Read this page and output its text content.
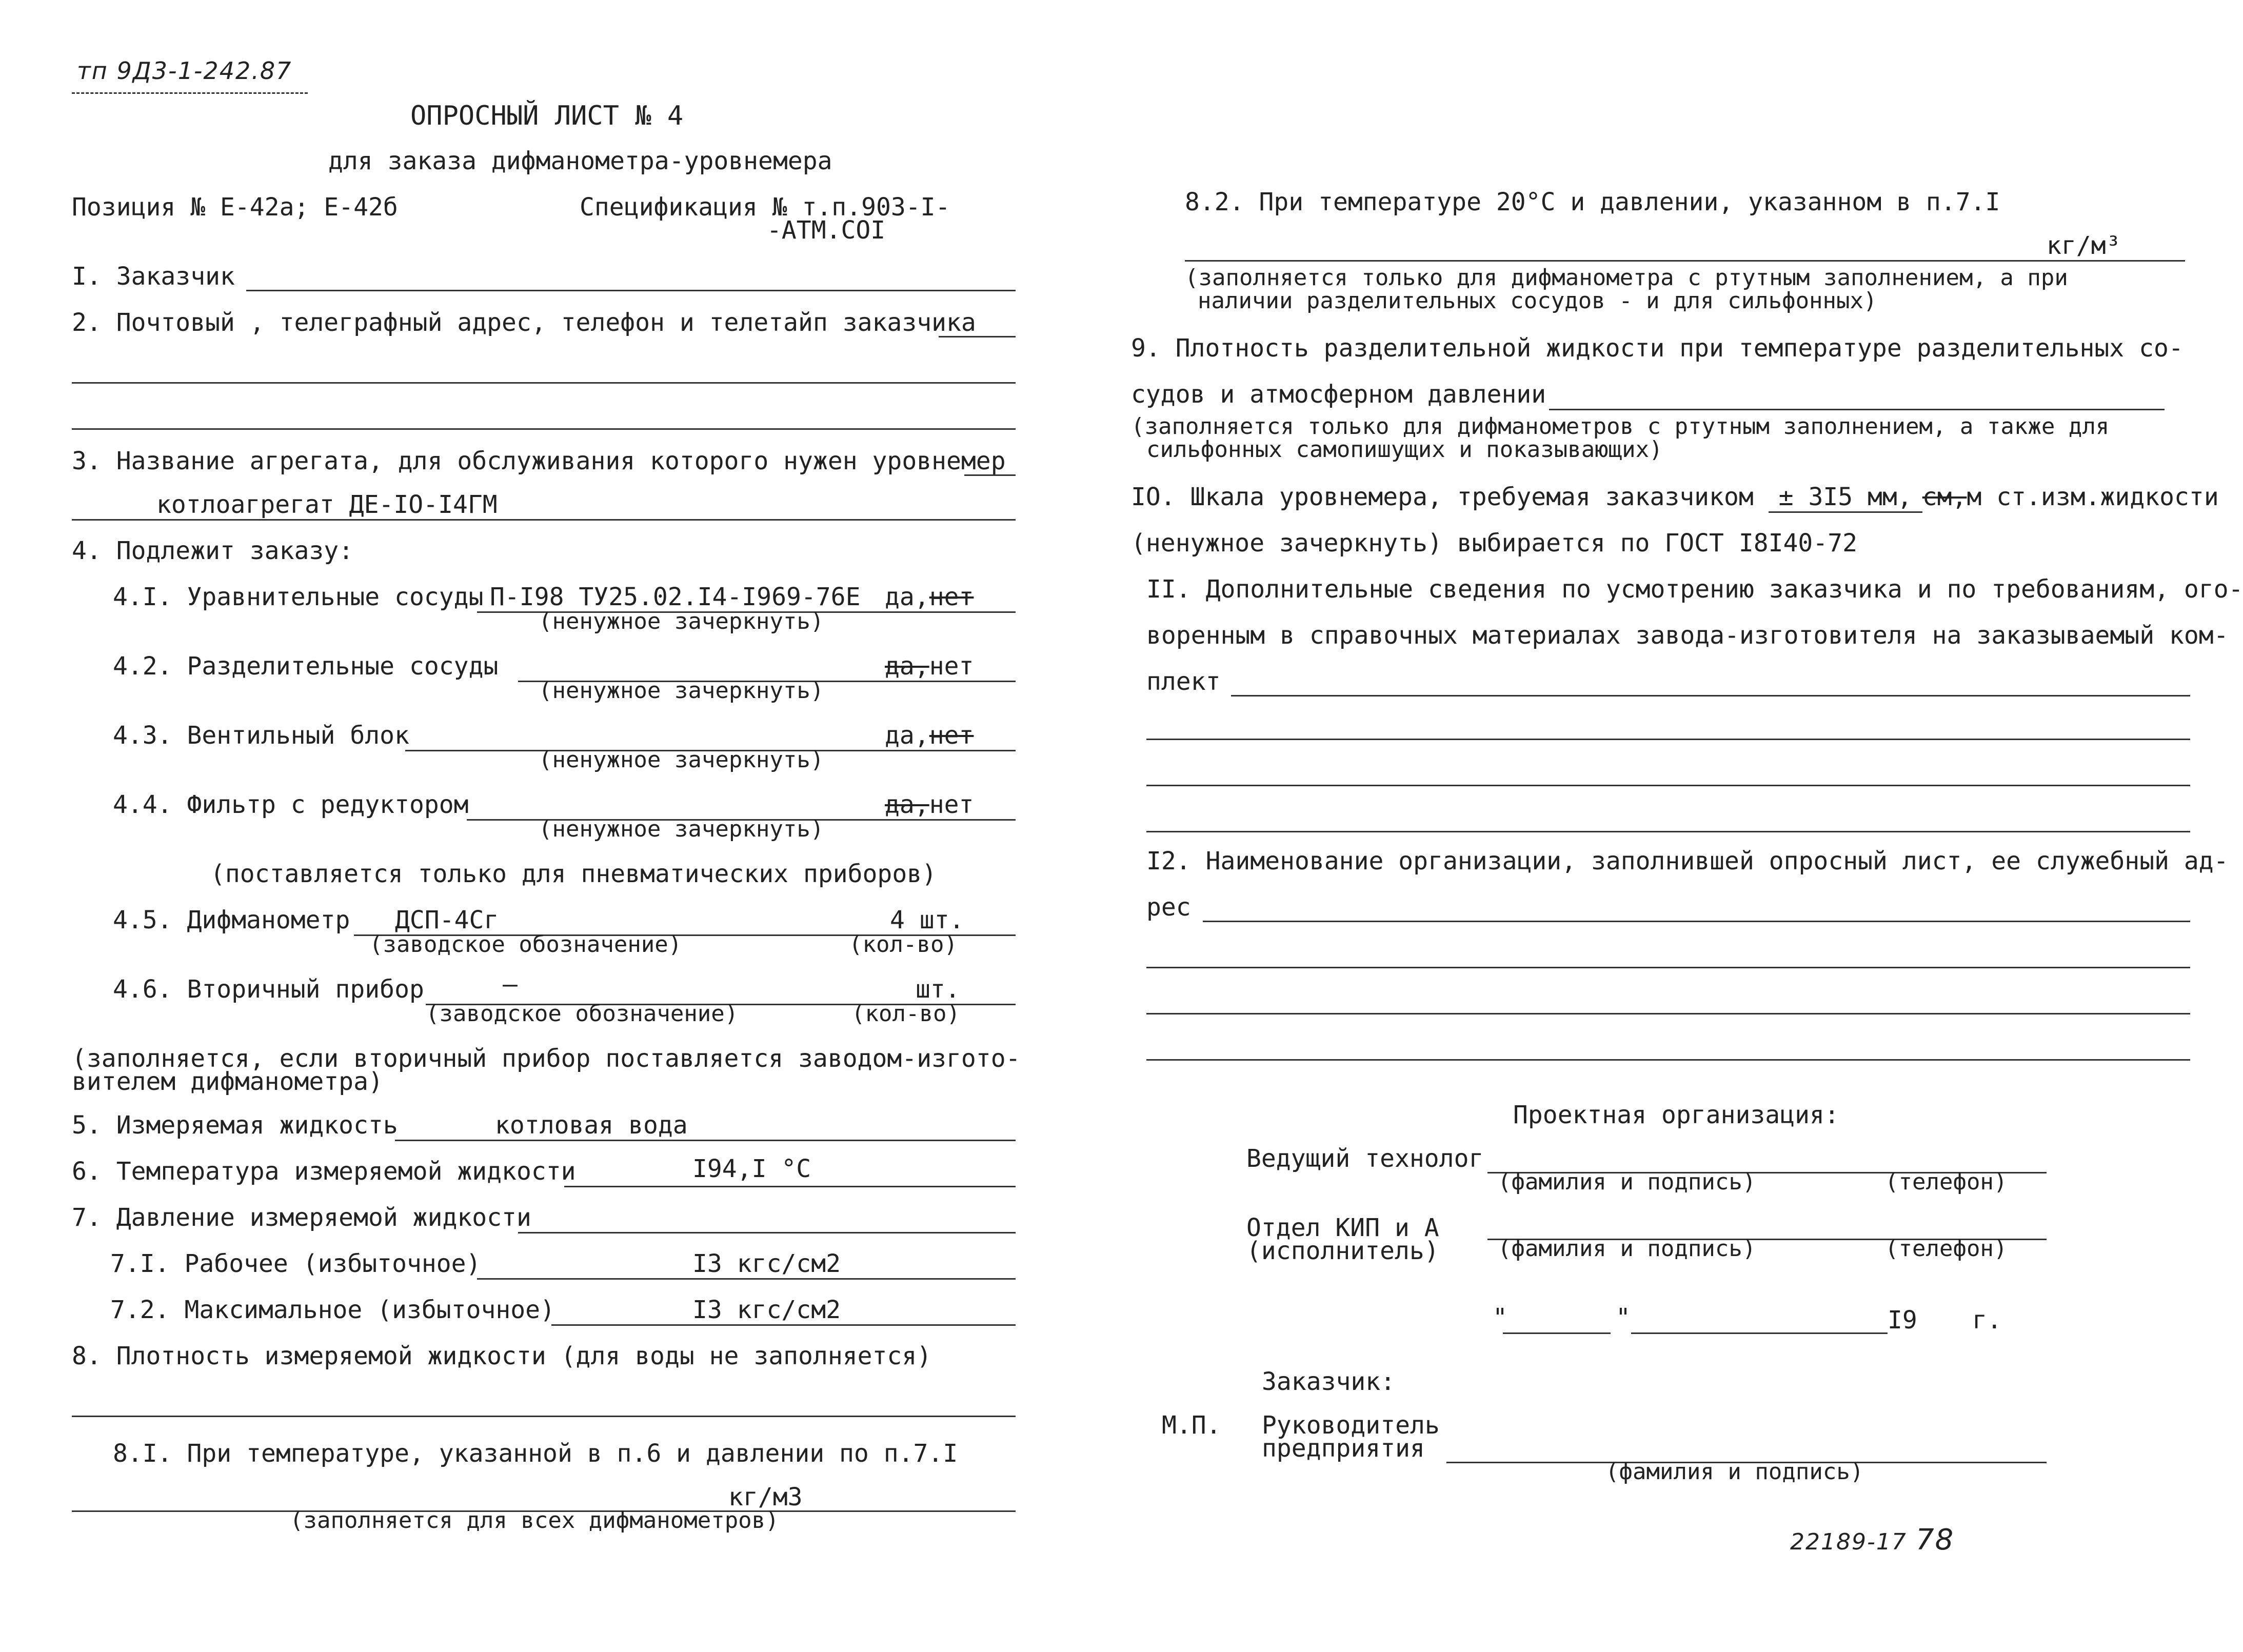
тп 9Д3-1-242.87
ОПРОСНЫЙ ЛИСТ № 4
для заказа дифманометра-уровнемера
Позиция № Е-42а; Е-42б	Спецификация № т.п.903-I-
-АТМ.СОI
I. Заказчик
2. Почтовый , телеграфный адрес, телефон и телетайп заказчика
3. Название агрегата, для обслуживания которого нужен уровнемер
котлоагрегат ДЕ-IO-I4ГМ
4. Подлежит заказу:
4.I. Уравнительные сосуды П-I98 ТУ25.02.I4-I969-76Е да,нет
(ненужное зачеркнуть)
4.2. Разделительные сосуды	да,нет
(ненужное зачеркнуть)
4.3. Вентильный блок	да,нет
(ненужное зачеркнуть)
4.4. Фильтр с редуктором	да,нет
(ненужное зачеркнуть)
(поставляется только для пневматических приборов)
4.5. Дифманометр ДСП-4Сг	4 шт.
(заводское обозначение)	(кол-во)
4.6. Вторичный прибор	—	шт.
(заводское обозначение)	(кол-во)
(заполняется, если вторичный прибор поставляется заводом-изгото-
вителем дифманометра)
5. Измеряемая жидкость	котловая вода
6. Температура измеряемой жидкости	I94,I °С
7. Давление измеряемой жидкости
7.I. Рабочее (избыточное)	I3 кгс/см2
7.2. Максимальное (избыточное)	I3 кгс/см2
8. Плотность измеряемой жидкости (для воды не заполняется)
8.I. При температуре, указанной в п.6 и давлении по п.7.I
кг/м3
(заполняется для всех дифманометров)
8.2. При температуре 20°С и давлении, указанном в п.7.I
кг/м³
(заполняется только для дифманометра с ртутным заполнением, а при
наличии разделительных сосудов - и для сильфонных)
9. Плотность разделительной жидкости при температуре разделительных со-
судов и атмосферном давлении
(заполняется только для дифманометров с ртутным заполнением, а также для
сильфонных самопишущих и показывающих)
IO. Шкала уровнемера, требуемая заказчиком ± 3I5 мм, см,м ст.изм.жидкости
(ненужное зачеркнуть) выбирается по ГОСТ I8I40-72
II. Дополнительные сведения по усмотрению заказчика и по требованиям, ого-
воренным в справочных материалах завода-изготовителя на заказываемый ком-
плект
I2. Наименование организации, заполнившей опросный лист, ее служебный ад-
рес
Проектная организация:
Ведущий технолог
(фамилия и подпись)	(телефон)
Отдел КИП и А
(исполнитель)	(фамилия и подпись)	(телефон)
"	"	I9 г.
Заказчик:
М.П. Руководитель
предприятия
(фамилия и подпись)
22189-17 78
